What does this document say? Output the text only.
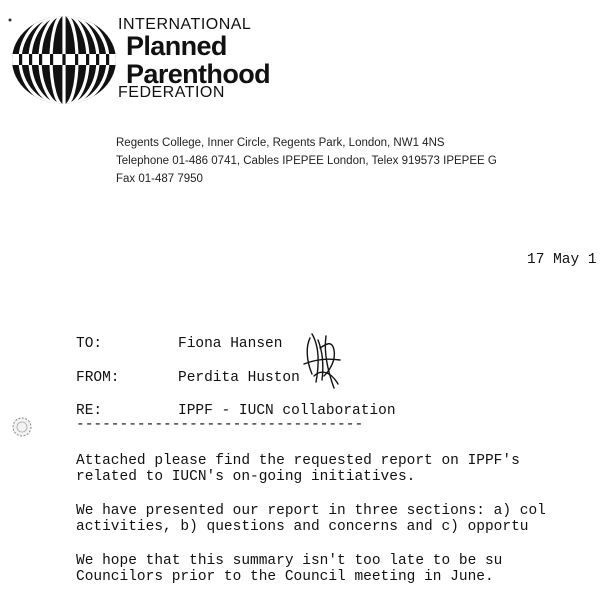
INTERNATIONAL
Planned
Parenthood
FEDERATION
Regents College, Inner Circle, Regents Park, London, NW1 4NS
Telephone 01-486 0741, Cables IPEPEE London, Telex 919573 IPEPEE G
Fax 01-487 7950
17 May 1
TO:	Fiona Hansen
FROM:	Perdita Huston
RE:	IPPF - IUCN collaboration
---------------------------------
Attached please find the requested report on IPPF's
related to IUCN's on-going initiatives.
We have presented our report in three sections: a) col
activities, b) questions and concerns and c) opportu
We hope that this summary isn't too late to be su
Councilors prior to the Council meeting in June.
